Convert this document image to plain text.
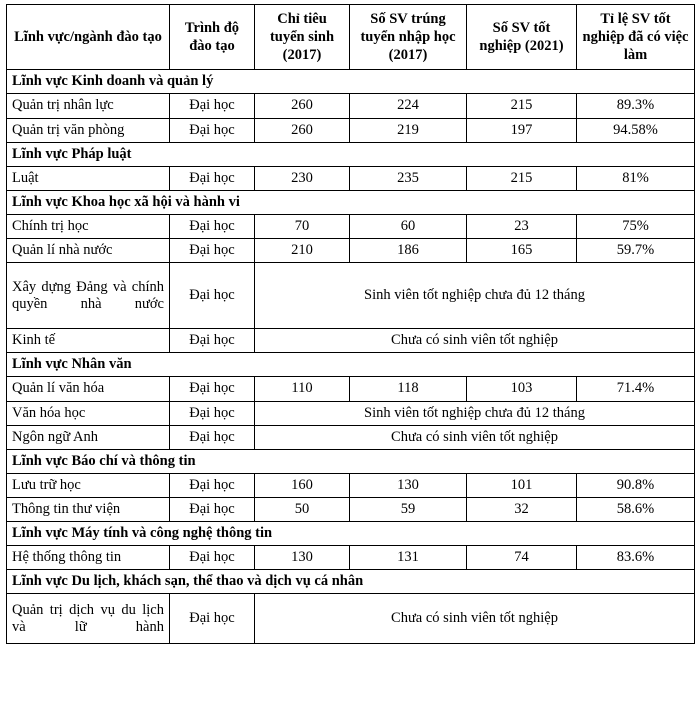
Lĩnh vực/ngành đào tạo	Trình độ đào tạo	Chỉ tiêu tuyển sinh (2017)	Số SV trúng tuyển nhập học (2017)	Số SV tốt nghiệp (2021)	Tỉ lệ SV tốt nghiệp đã có việc làm
Lĩnh vực Kinh doanh và quản lý					
Quản trị nhân lực	Đại học	260	224	215	89.3%
Quản trị văn phòng	Đại học	260	219	197	94.58%
Lĩnh vực Pháp luật					
Luật	Đại học	230	235	215	81%
Lĩnh vực Khoa học xã hội và hành vi					
Chính trị học	Đại học	70	60	23	75%
Quản lí nhà nước	Đại học	210	186	165	59.7%
Xây dựng Đảng và chính quyền nhà nước	Đại học	Sinh viên tốt nghiệp chưa đủ 12 tháng			
Kinh tế	Đại học	Chưa có sinh viên tốt nghiệp			
Lĩnh vực Nhân văn					
Quản lí văn hóa	Đại học	110	118	103	71.4%
Văn hóa học	Đại học	Sinh viên tốt nghiệp chưa đủ 12 tháng			
Ngôn ngữ Anh	Đại học	Chưa có sinh viên tốt nghiệp			
Lĩnh vực Báo chí và thông tin					
Lưu trữ học	Đại học	160	130	101	90.8%
Thông tin thư viện	Đại học	50	59	32	58.6%
Lĩnh vực Máy tính và công nghệ thông tin					
Hệ thống thông tin	Đại học	130	131	74	83.6%
Lĩnh vực Du lịch, khách sạn, thể thao và dịch vụ cá nhân					
Quản trị dịch vụ du lịch và lữ hành	Đại học	Chưa có sinh viên tốt nghiệp			
